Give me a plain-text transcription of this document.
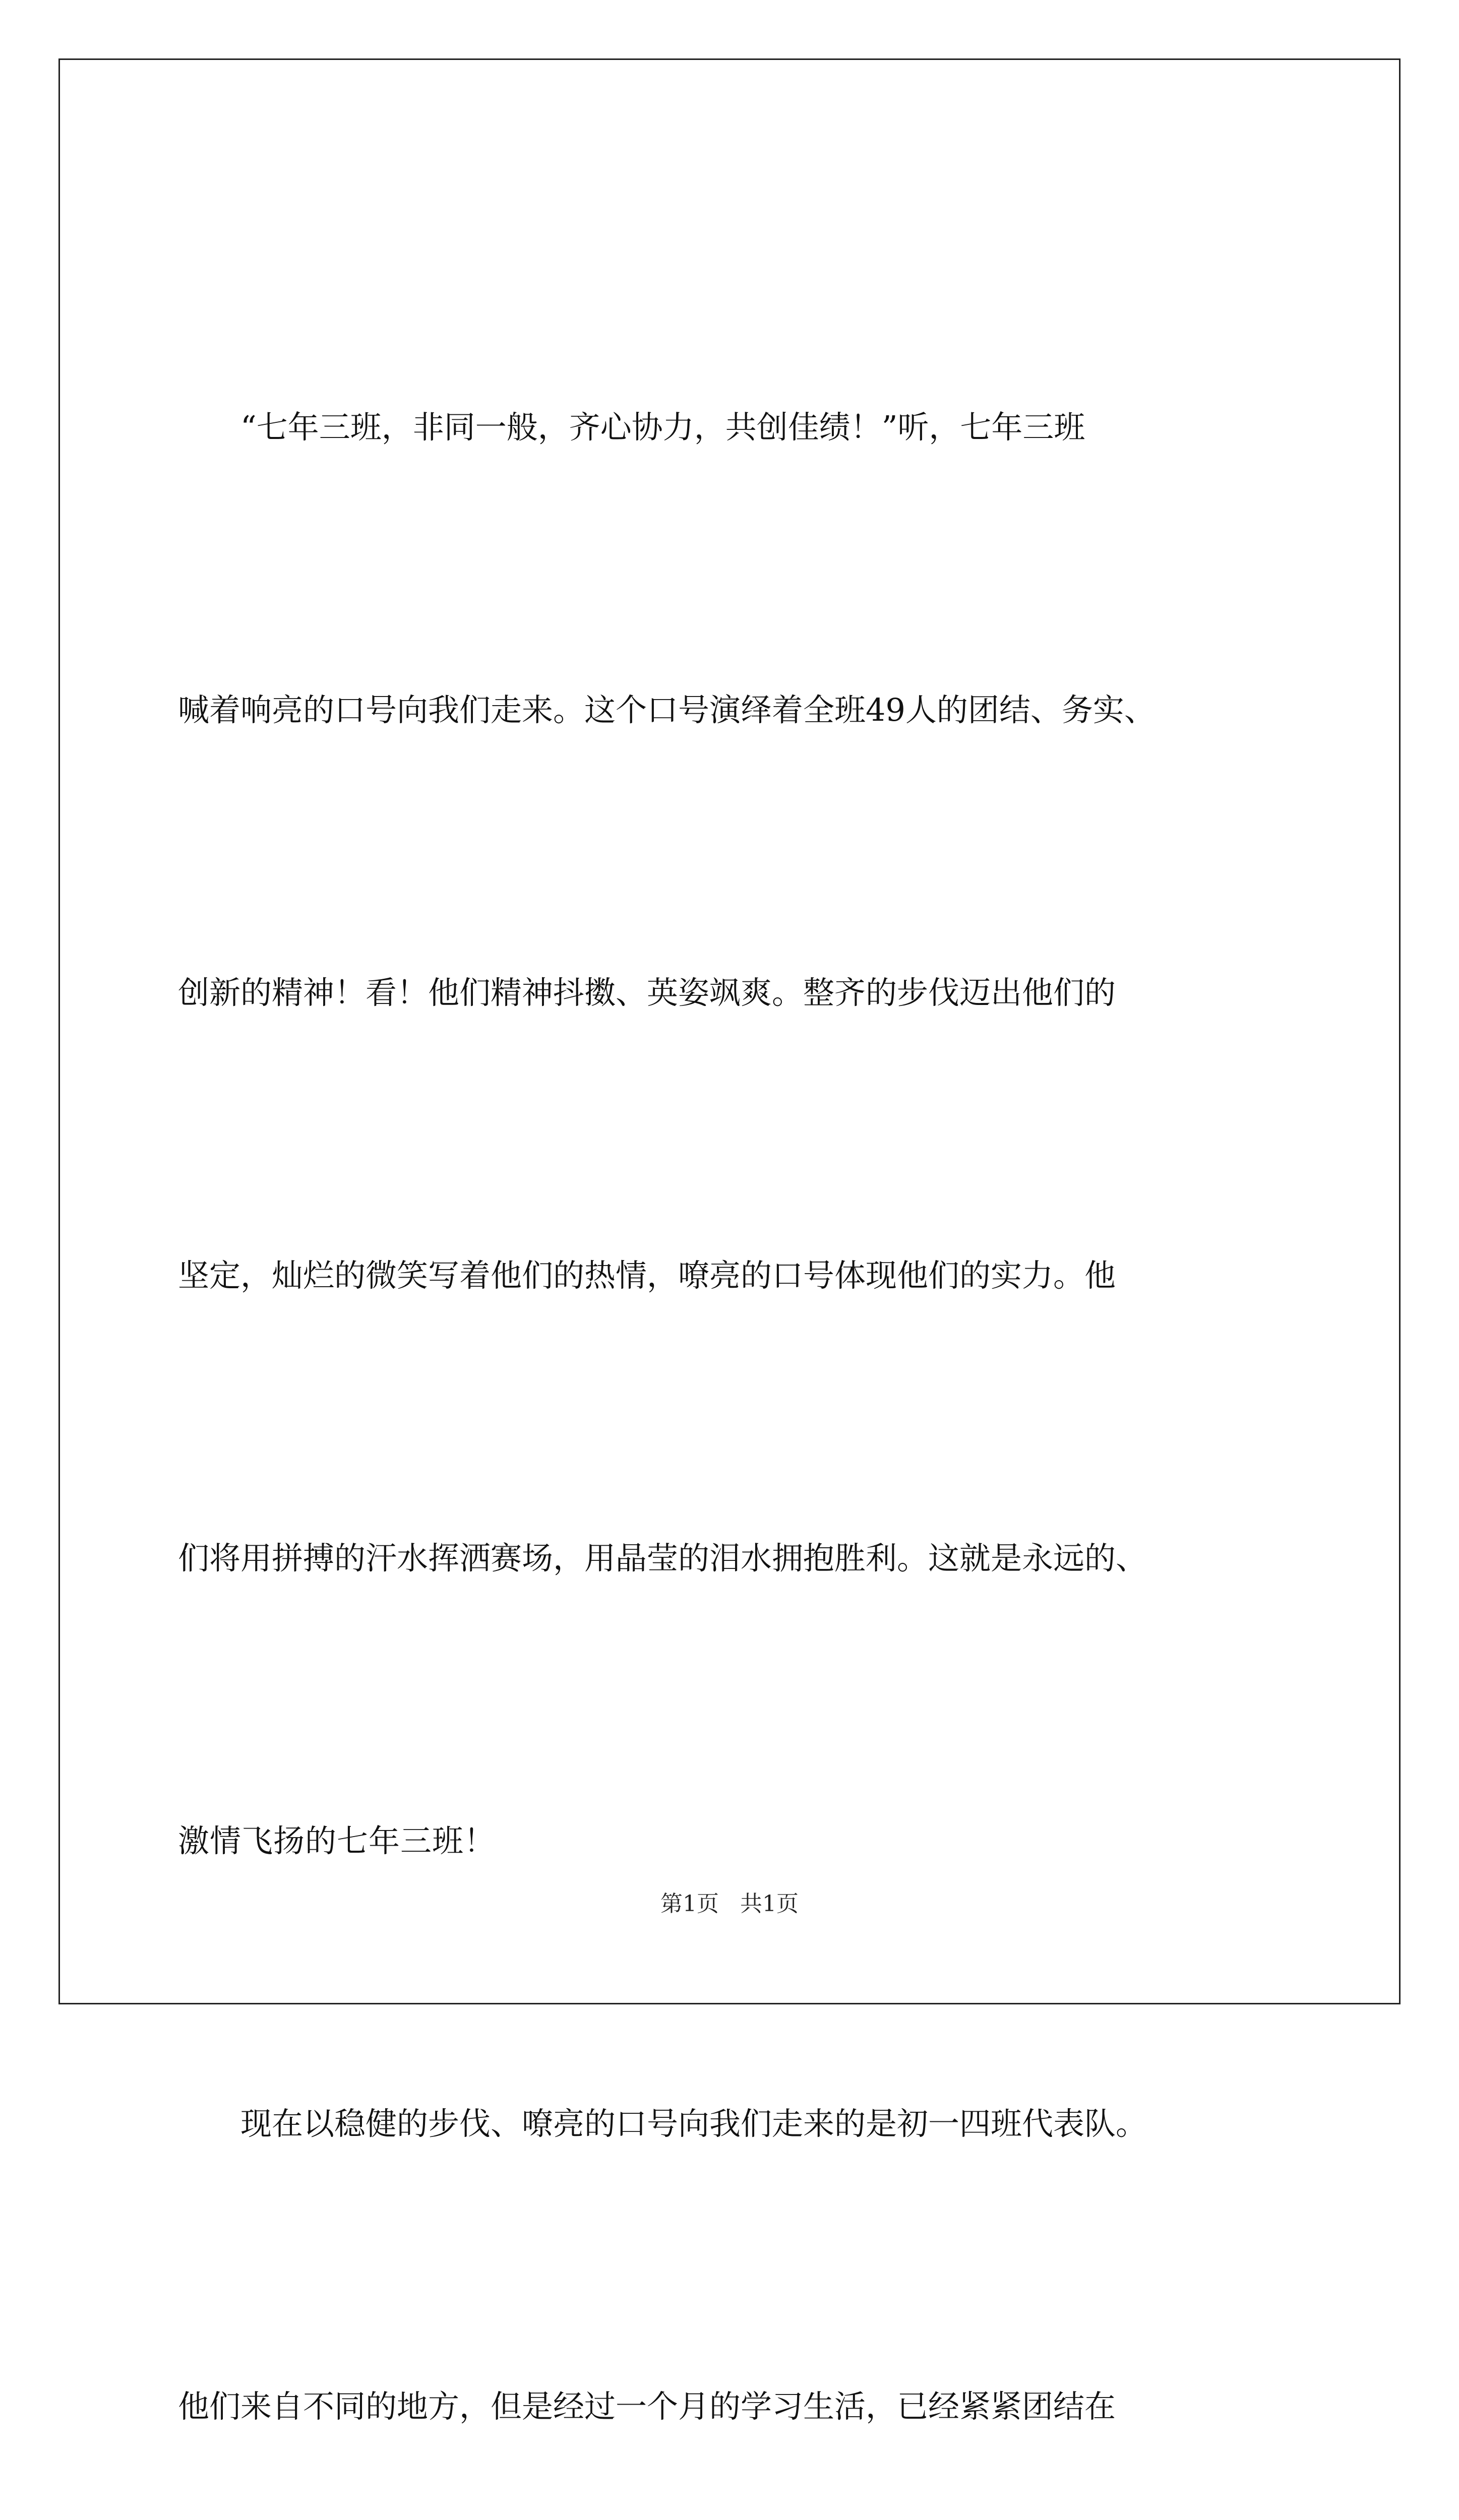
“七年三班，非同一般，齐心协力，共创佳绩！”听，七年三班

喊着响亮的口号向我们走来。这个口号演绎着全班49人的团结、务实、

创新的精神！看！他们精神抖擞、英姿飒爽。整齐的步伐迈出他们的

坚定，灿烂的微笑写着他们的热情，嘹亮的口号体现他们的实力。他

们将用拼搏的汗水挥洒赛场，用晶莹的泪水拥抱胜利。这就是永远的、

激情飞扬的七年三班！

现在以稳健的步伐、嘹亮的口号向我们走来的是初一四班代表队。

他们来自不同的地方，但是经过一个月的学习生活，已经紧紧团结在

第1页 共1页
